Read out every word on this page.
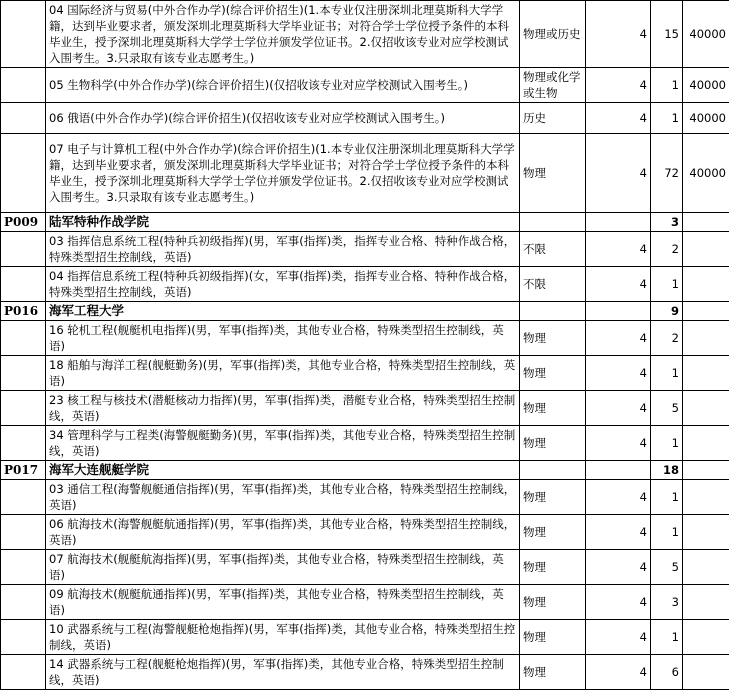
	04 国际经济与贸易(中外合作办学)(综合评价招生)(1.本专业仅注册深圳北理莫斯科大学学籍，达到毕业要求者，颁发深圳北理莫斯科大学毕业证书；对符合学士学位授予条件的本科毕业生，授予深圳北理莫斯科大学学士学位并颁发学位证书。2.仅招收该专业对应学校测试入围考生。3.只录取有该专业志愿考生。)	物理或历史	4	15	40000
	05 生物科学(中外合作办学)(综合评价招生)(仅招收该专业对应学校测试入围考生。)	物理或化学或生物	4	1	40000
	06 俄语(中外合作办学)(综合评价招生)(仅招收该专业对应学校测试入围考生。)	历史	4	1	40000
	07 电子与计算机工程(中外合作办学)(综合评价招生)(1.本专业仅注册深圳北理莫斯科大学学籍，达到毕业要求者，颁发深圳北理莫斯科大学毕业证书；对符合学士学位授予条件的本科毕业生，授予深圳北理莫斯科大学学士学位并颁发学位证书。2.仅招收该专业对应学校测试入围考生。3.只录取有该专业志愿考生。)	物理	4	72	40000
P009	陆军特种作战学院			3	
	03 指挥信息系统工程(特种兵初级指挥)(男，军事(指挥)类，指挥专业合格、特种作战合格，特殊类型招生控制线，英语)	不限	4	2	
	04 指挥信息系统工程(特种兵初级指挥)(女，军事(指挥)类，指挥专业合格、特种作战合格，特殊类型招生控制线，英语)	不限	4	1	
P016	海军工程大学			9	
	16 轮机工程(舰艇机电指挥)(男，军事(指挥)类，其他专业合格，特殊类型招生控制线，英语)	物理	4	2	
	18 船舶与海洋工程(舰艇勤务)(男，军事(指挥)类，其他专业合格，特殊类型招生控制线，英语)	物理	4	1	
	23 核工程与核技术(潜艇核动力指挥)(男，军事(指挥)类，潜艇专业合格，特殊类型招生控制线，英语)	物理	4	5	
	34 管理科学与工程类(海警舰艇勤务)(男，军事(指挥)类，其他专业合格，特殊类型招生控制线，英语)	物理	4	1	
P017	海军大连舰艇学院			18	
	03 通信工程(海警舰艇通信指挥)(男，军事(指挥)类，其他专业合格，特殊类型招生控制线，英语)	物理	4	1	
	06 航海技术(海警舰艇航通指挥)(男，军事(指挥)类，其他专业合格，特殊类型招生控制线，英语)	物理	4	1	
	07 航海技术(舰艇航海指挥)(男，军事(指挥)类，其他专业合格，特殊类型招生控制线，英语)	物理	4	5	
	09 航海技术(舰艇航通指挥)(男，军事(指挥)类，其他专业合格，特殊类型招生控制线，英语)	物理	4	3	
	10 武器系统与工程(海警舰艇枪炮指挥)(男，军事(指挥)类，其他专业合格，特殊类型招生控制线，英语)	物理	4	1	
	14 武器系统与工程(舰艇枪炮指挥)(男，军事(指挥)类，其他专业合格，特殊类型招生控制线，英语)	物理	4	6	
